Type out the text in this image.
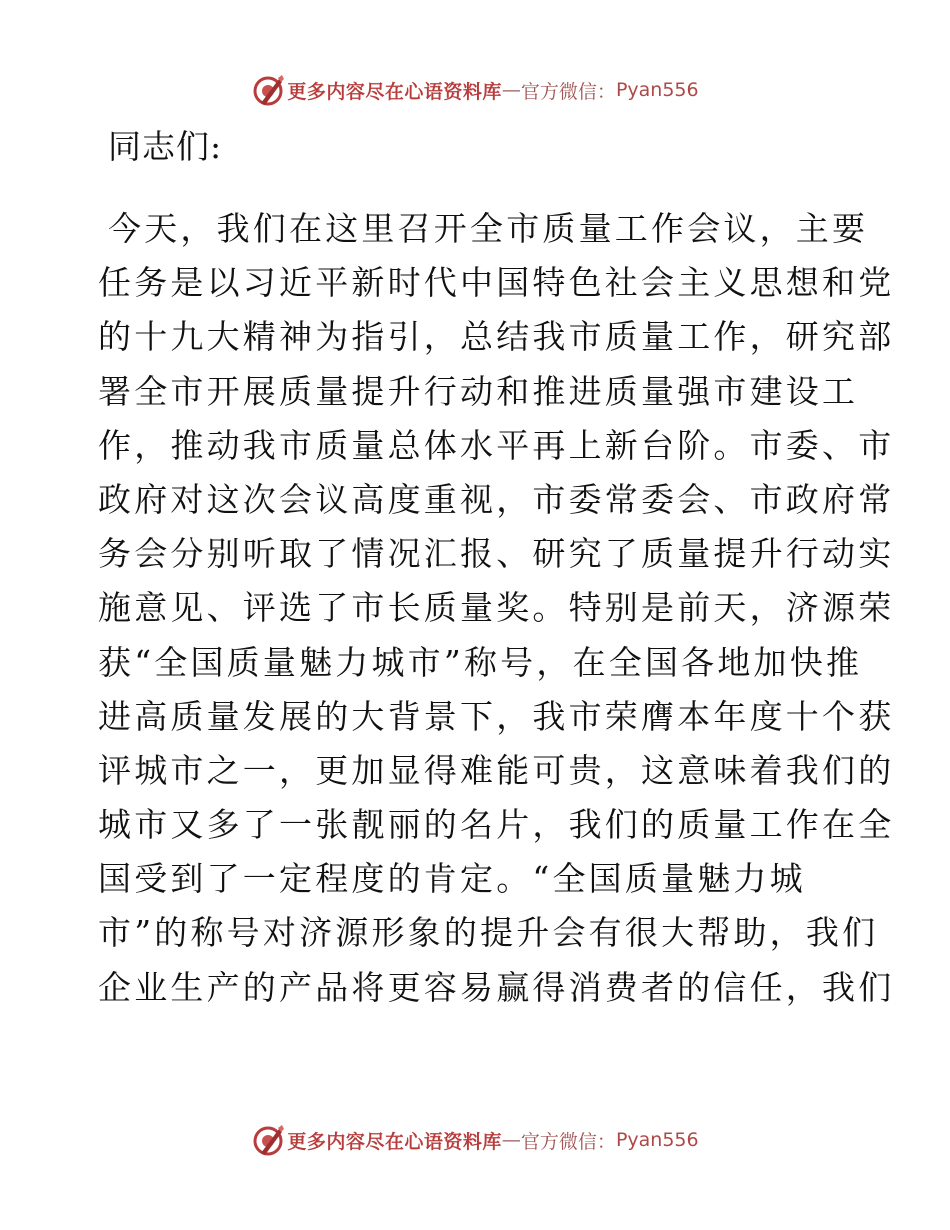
更多内容尽在心语资料库 — 官方微信： Pyan556
同志们:
今天，我们在这里召开全市质量工作会议，主要
任务是以习近平新时代中国特色社会主义思想和党
的十九大精神为指引，总结我市质量工作，研究部
署全市开展质量提升行动和推进质量强市建设工
作，推动我市质量总体水平再上新台阶。市委、市
政府对这次会议高度重视，市委常委会、市政府常
务会分别听取了情况汇报、研究了质量提升行动实
施意见、评选了市长质量奖。特别是前天，济源荣
获“全国质量魅力城市”称号，在全国各地加快推
进高质量发展的大背景下，我市荣膺本年度十个获
评城市之一，更加显得难能可贵，这意味着我们的
城市又多了一张靓丽的名片，我们的质量工作在全
国受到了一定程度的肯定。“全国质量魅力城
市”的称号对济源形象的提升会有很大帮助，我们
企业生产的产品将更容易赢得消费者的信任，我们
更多内容尽在心语资料库 — 官方微信： Pyan556
